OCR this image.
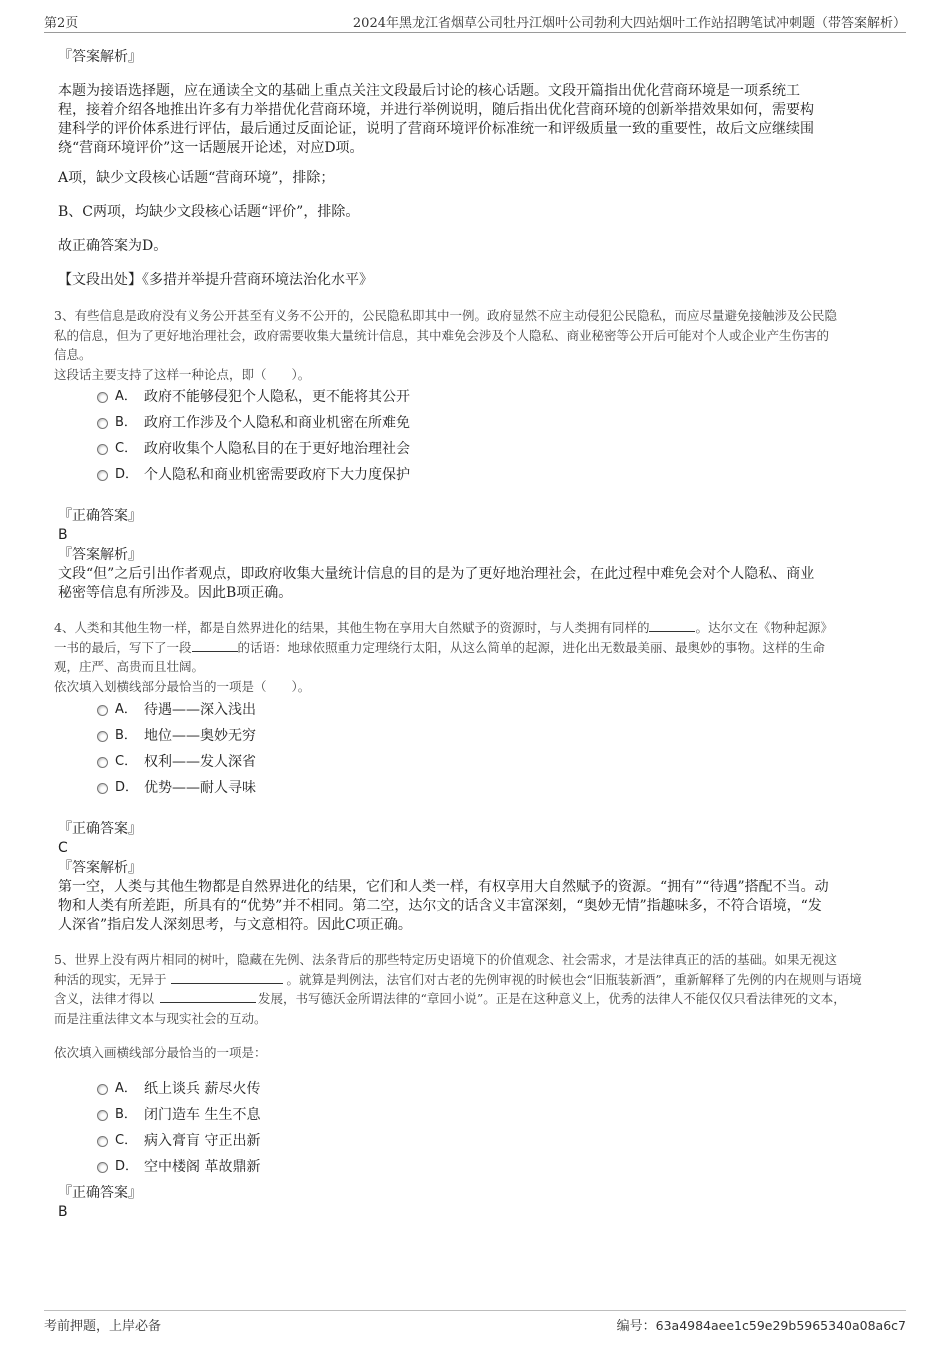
第2页	2024年黑龙江省烟草公司牡丹江烟叶公司勃利大四站烟叶工作站招聘笔试冲刺题（带答案解析）
『答案解析』
本题为接语选择题，应在通读全文的基础上重点关注文段最后讨论的核心话题。文段开篇指出优化营商环境是一项系统工
程，接着介绍各地推出许多有力举措优化营商环境，并进行举例说明，随后指出优化营商环境的创新举措效果如何，需要构
建科学的评价体系进行评估，最后通过反面论证，说明了营商环境评价标准统一和评级质量一致的重要性，故后文应继续围
绕“营商环境评价”这一话题展开论述，对应D项。
A项，缺少文段核心话题“营商环境”，排除；
B、C两项，均缺少文段核心话题“评价”，排除。
故正确答案为D。
【文段出处】《多措并举提升营商环境法治化水平》
3、有些信息是政府没有义务公开甚至有义务不公开的，公民隐私即其中一例。政府显然不应主动侵犯公民隐私，而应尽量避免接触涉及公民隐
私的信息，但为了更好地治理社会，政府需要收集大量统计信息，其中难免会涉及个人隐私、商业秘密等公开后可能对个人或企业产生伤害的
信息。
这段话主要支持了这样一种论点，即（　　）。
A． 政府不能够侵犯个人隐私，更不能将其公开
B． 政府工作涉及个人隐私和商业机密在所难免
C． 政府收集个人隐私目的在于更好地治理社会
D． 个人隐私和商业机密需要政府下大力度保护
『正确答案』
B
『答案解析』
文段“但”之后引出作者观点，即政府收集大量统计信息的目的是为了更好地治理社会，在此过程中难免会对个人隐私、商业
秘密等信息有所涉及。因此B项正确。
4、人类和其他生物一样，都是自然界进化的结果，其他生物在享用大自然赋予的资源时，与人类拥有同样的	。达尔文在《物种起源》
一书的最后，写下了一段	的话语：地球依照重力定理绕行太阳，从这么简单的起源，进化出无数最美丽、最奥妙的事物。这样的生命
观，庄严、高贵而且壮阔。
依次填入划横线部分最恰当的一项是（　　）。
A． 待遇——深入浅出
B． 地位——奥妙无穷
C． 权利——发人深省
D． 优势——耐人寻味
『正确答案』
C
『答案解析』
第一空，人类与其他生物都是自然界进化的结果，它们和人类一样，有权享用大自然赋予的资源。“拥有”“待遇”搭配不当。动
物和人类有所差距，所具有的“优势”并不相同。第二空，达尔文的话含义丰富深刻，“奥妙无情”指趣味多，不符合语境，“发
人深省”指启发人深刻思考，与文意相符。因此C项正确。
5、世界上没有两片相同的树叶，隐藏在先例、法条背后的那些特定历史语境下的价值观念、社会需求，才是法律真正的活的基础。如果无视这
种活的现实，无异于	。就算是判例法，法官们对古老的先例审视的时候也会“旧瓶装新酒”，重新解释了先例的内在规则与语境
含义，法律才得以	发展，书写德沃金所谓法律的“章回小说”。正是在这种意义上，优秀的法律人不能仅仅只看法律死的文本，
而是注重法律文本与现实社会的互动。
依次填入画横线部分最恰当的一项是：
A． 纸上谈兵 薪尽火传
B． 闭门造车 生生不息
C． 病入膏肓 守正出新
D． 空中楼阁 革故鼎新
『正确答案』
B
考前押题，上岸必备	编号：63a4984aee1c59e29b5965340a08a6c7
